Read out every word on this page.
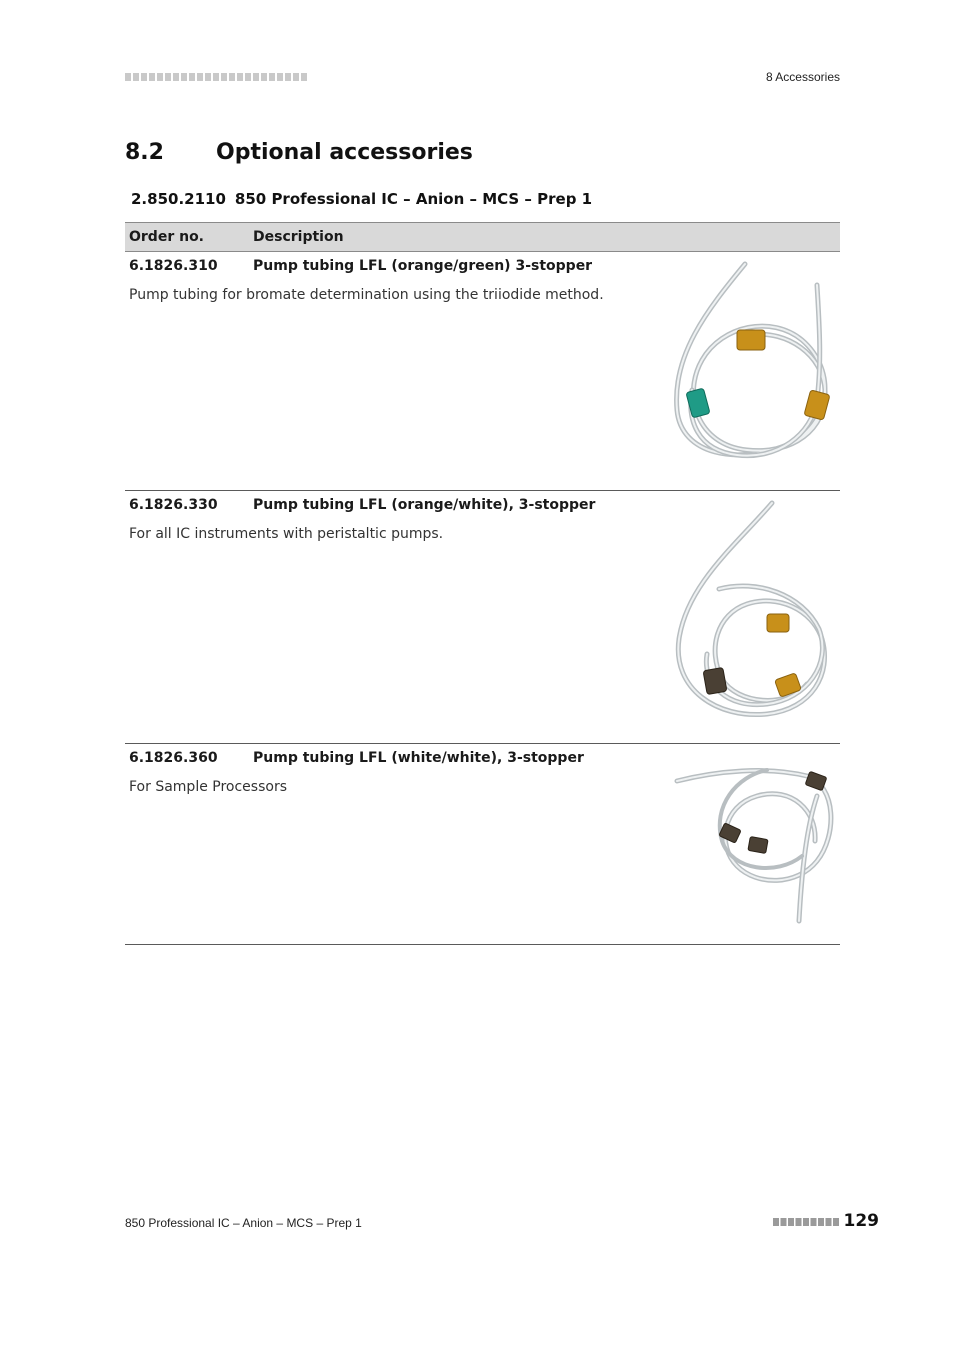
8 Accessories
8.2 Optional accessories
2.850.2110 850 Professional IC – Anion – MCS – Prep 1
Order no.	Description
6.1826.310	Pump tubing LFL (orange/green) 3-stopper
Pump tubing for bromate determination using the triiodide method.
6.1826.330	Pump tubing LFL (orange/white), 3-stopper
For all IC instruments with peristaltic pumps.
6.1826.360	Pump tubing LFL (white/white), 3-stopper
For Sample Processors
850 Professional IC – Anion – MCS – Prep 1	129
